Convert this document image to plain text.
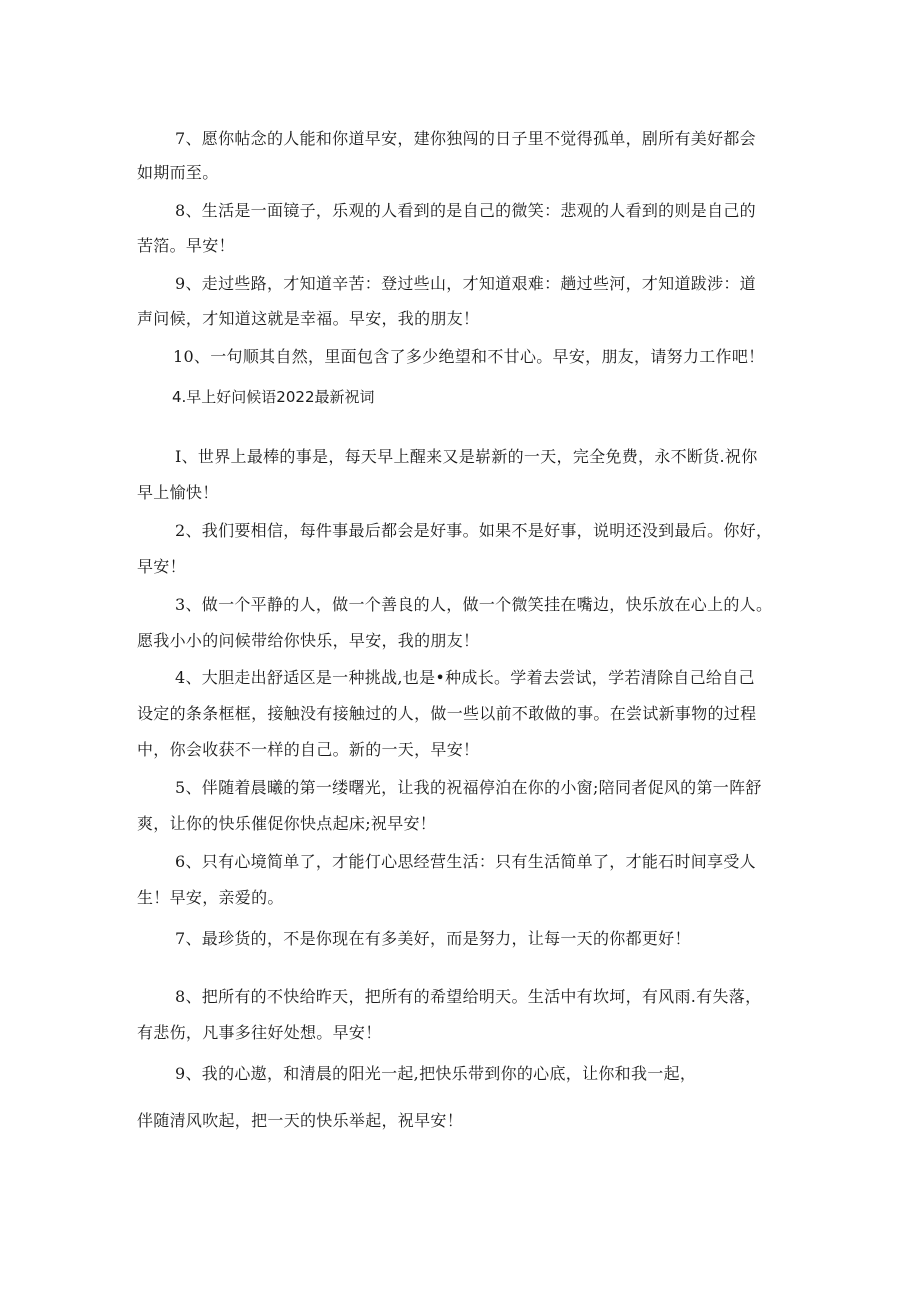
7、愿你帖念的人能和你道早安，建你独闯的日子里不觉得孤单，剧所有美好都会
如期而至。
8、生活是一面镜子，乐观的人看到的是自己的微笑：悲观的人看到的则是自己的
苦箔。早安！
9、走过些路，才知道辛苦：登过些山，才知道艰难：趟过些河，才知道跋涉：道
声问候，才知道这就是幸福。早安，我的朋友！
10、一句顺其自然，里面包含了多少绝望和不甘心。早安，朋友，请努力工作吧！
4.早上好问候语2022最新祝词
I、世界上最棒的事是，每天早上醒来又是崭新的一天，完全免费，永不断货.祝你
早上愉快！
2、我们要相信，每件事最后都会是好事。如果不是好事，说明还没到最后。你好，
早安！
3、做一个平静的人，做一个善良的人，做一个微笑挂在嘴边，快乐放在心上的人。
愿我小小的问候带给你快乐，早安，我的朋友！
4、大胆走出舒适区是一种挑战,也是•种成长。学着去尝试，学若清除自己给自己
设定的条条框框，接触没有接触过的人，做一些以前不敢做的事。在尝试新事物的过程
中，你会收获不一样的自己。新的一天，早安！
5、伴随着晨曦的第一缕曙光，让我的祝福停泊在你的小窗;陪同者促风的第一阵舒
爽，让你的快乐催促你快点起床;祝早安！
6、只有心境简单了，才能仃心思经营生活：只有生活简单了，才能石时间享受人
生！早安，亲爱的。
7、最珍货的，不是你现在有多美好，而是努力，让每一天的你都更好！
8、把所有的不快给昨天，把所有的希望给明天。生活中有坎坷，有风雨.有失落，
有悲伤，凡事多往好处想。早安！
9、我的心遨，和清晨的阳光一起,把快乐带到你的心底，让你和我一起，
伴随清风吹起，把一天的快乐举起，祝早安！
